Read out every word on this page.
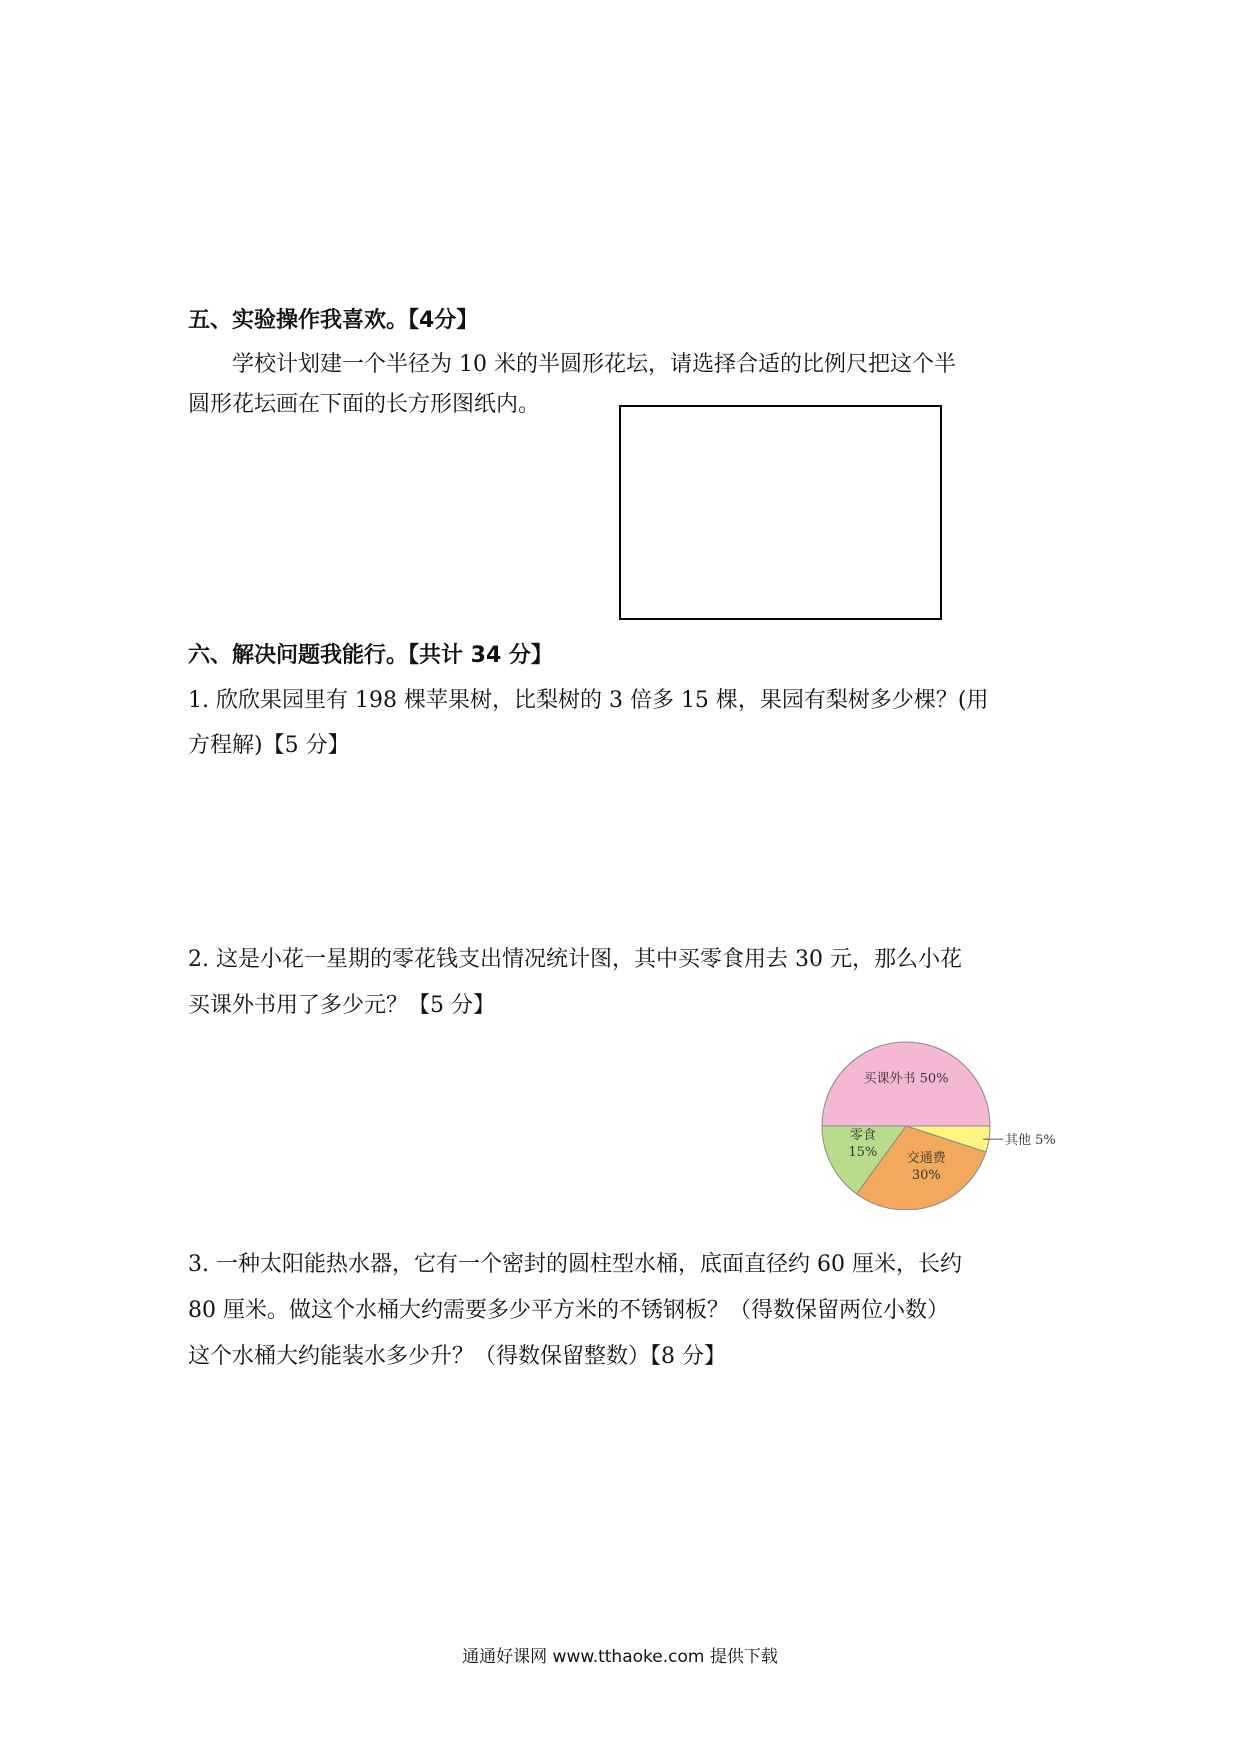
五、实验操作我喜欢。【4分】
学校计划建一个半径为 10 米的半圆形花坛，请选择合适的比例尺把这个半
圆形花坛画在下面的长方形图纸内。
六、解决问题我能行。【共计 34 分】
1. 欣欣果园里有 198 棵苹果树，比梨树的 3 倍多 15 棵，果园有梨树多少棵？(用
方程解)【5 分】
2. 这是小花一星期的零花钱支出情况统计图，其中买零食用去 30 元，那么小花
买课外书用了多少元？【5 分】
买课外书 50%
其他 5%
交通费 30%
零食 15%
3. 一种太阳能热水器，它有一个密封的圆柱型水桶，底面直径约 60 厘米，长约
80 厘米。做这个水桶大约需要多少平方米的不锈钢板？（得数保留两位小数）
这个水桶大约能装水多少升？（得数保留整数）【8 分】
通通好课网 www.tthaoke.com 提供下载
